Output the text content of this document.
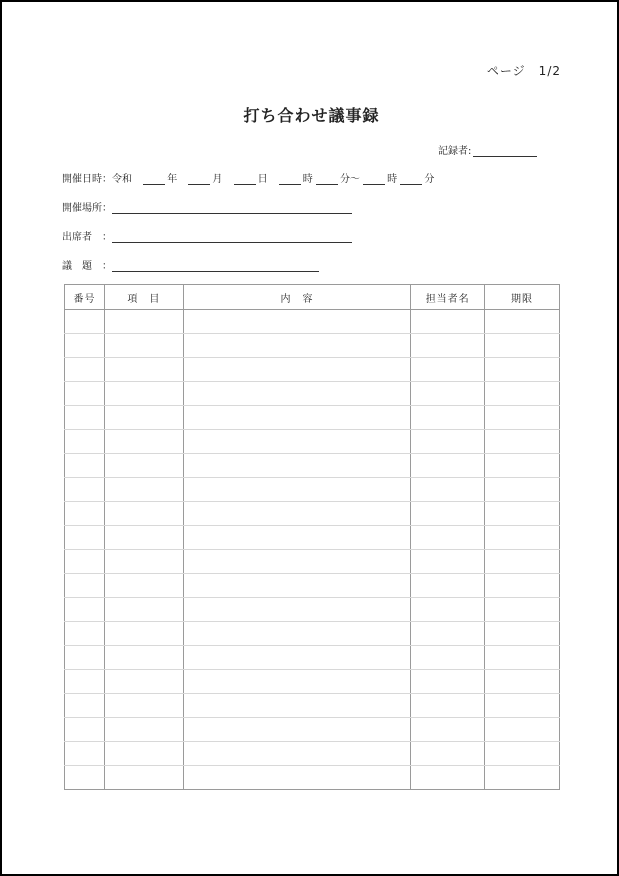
ページ　1/2
打ち合わせ議事録
記録者:
開催日時：令和	年	月	日	時	分〜	時	分
開催場所：
出席者　：
議　題　：
番号	項　目	内　容	担当者名	期限
